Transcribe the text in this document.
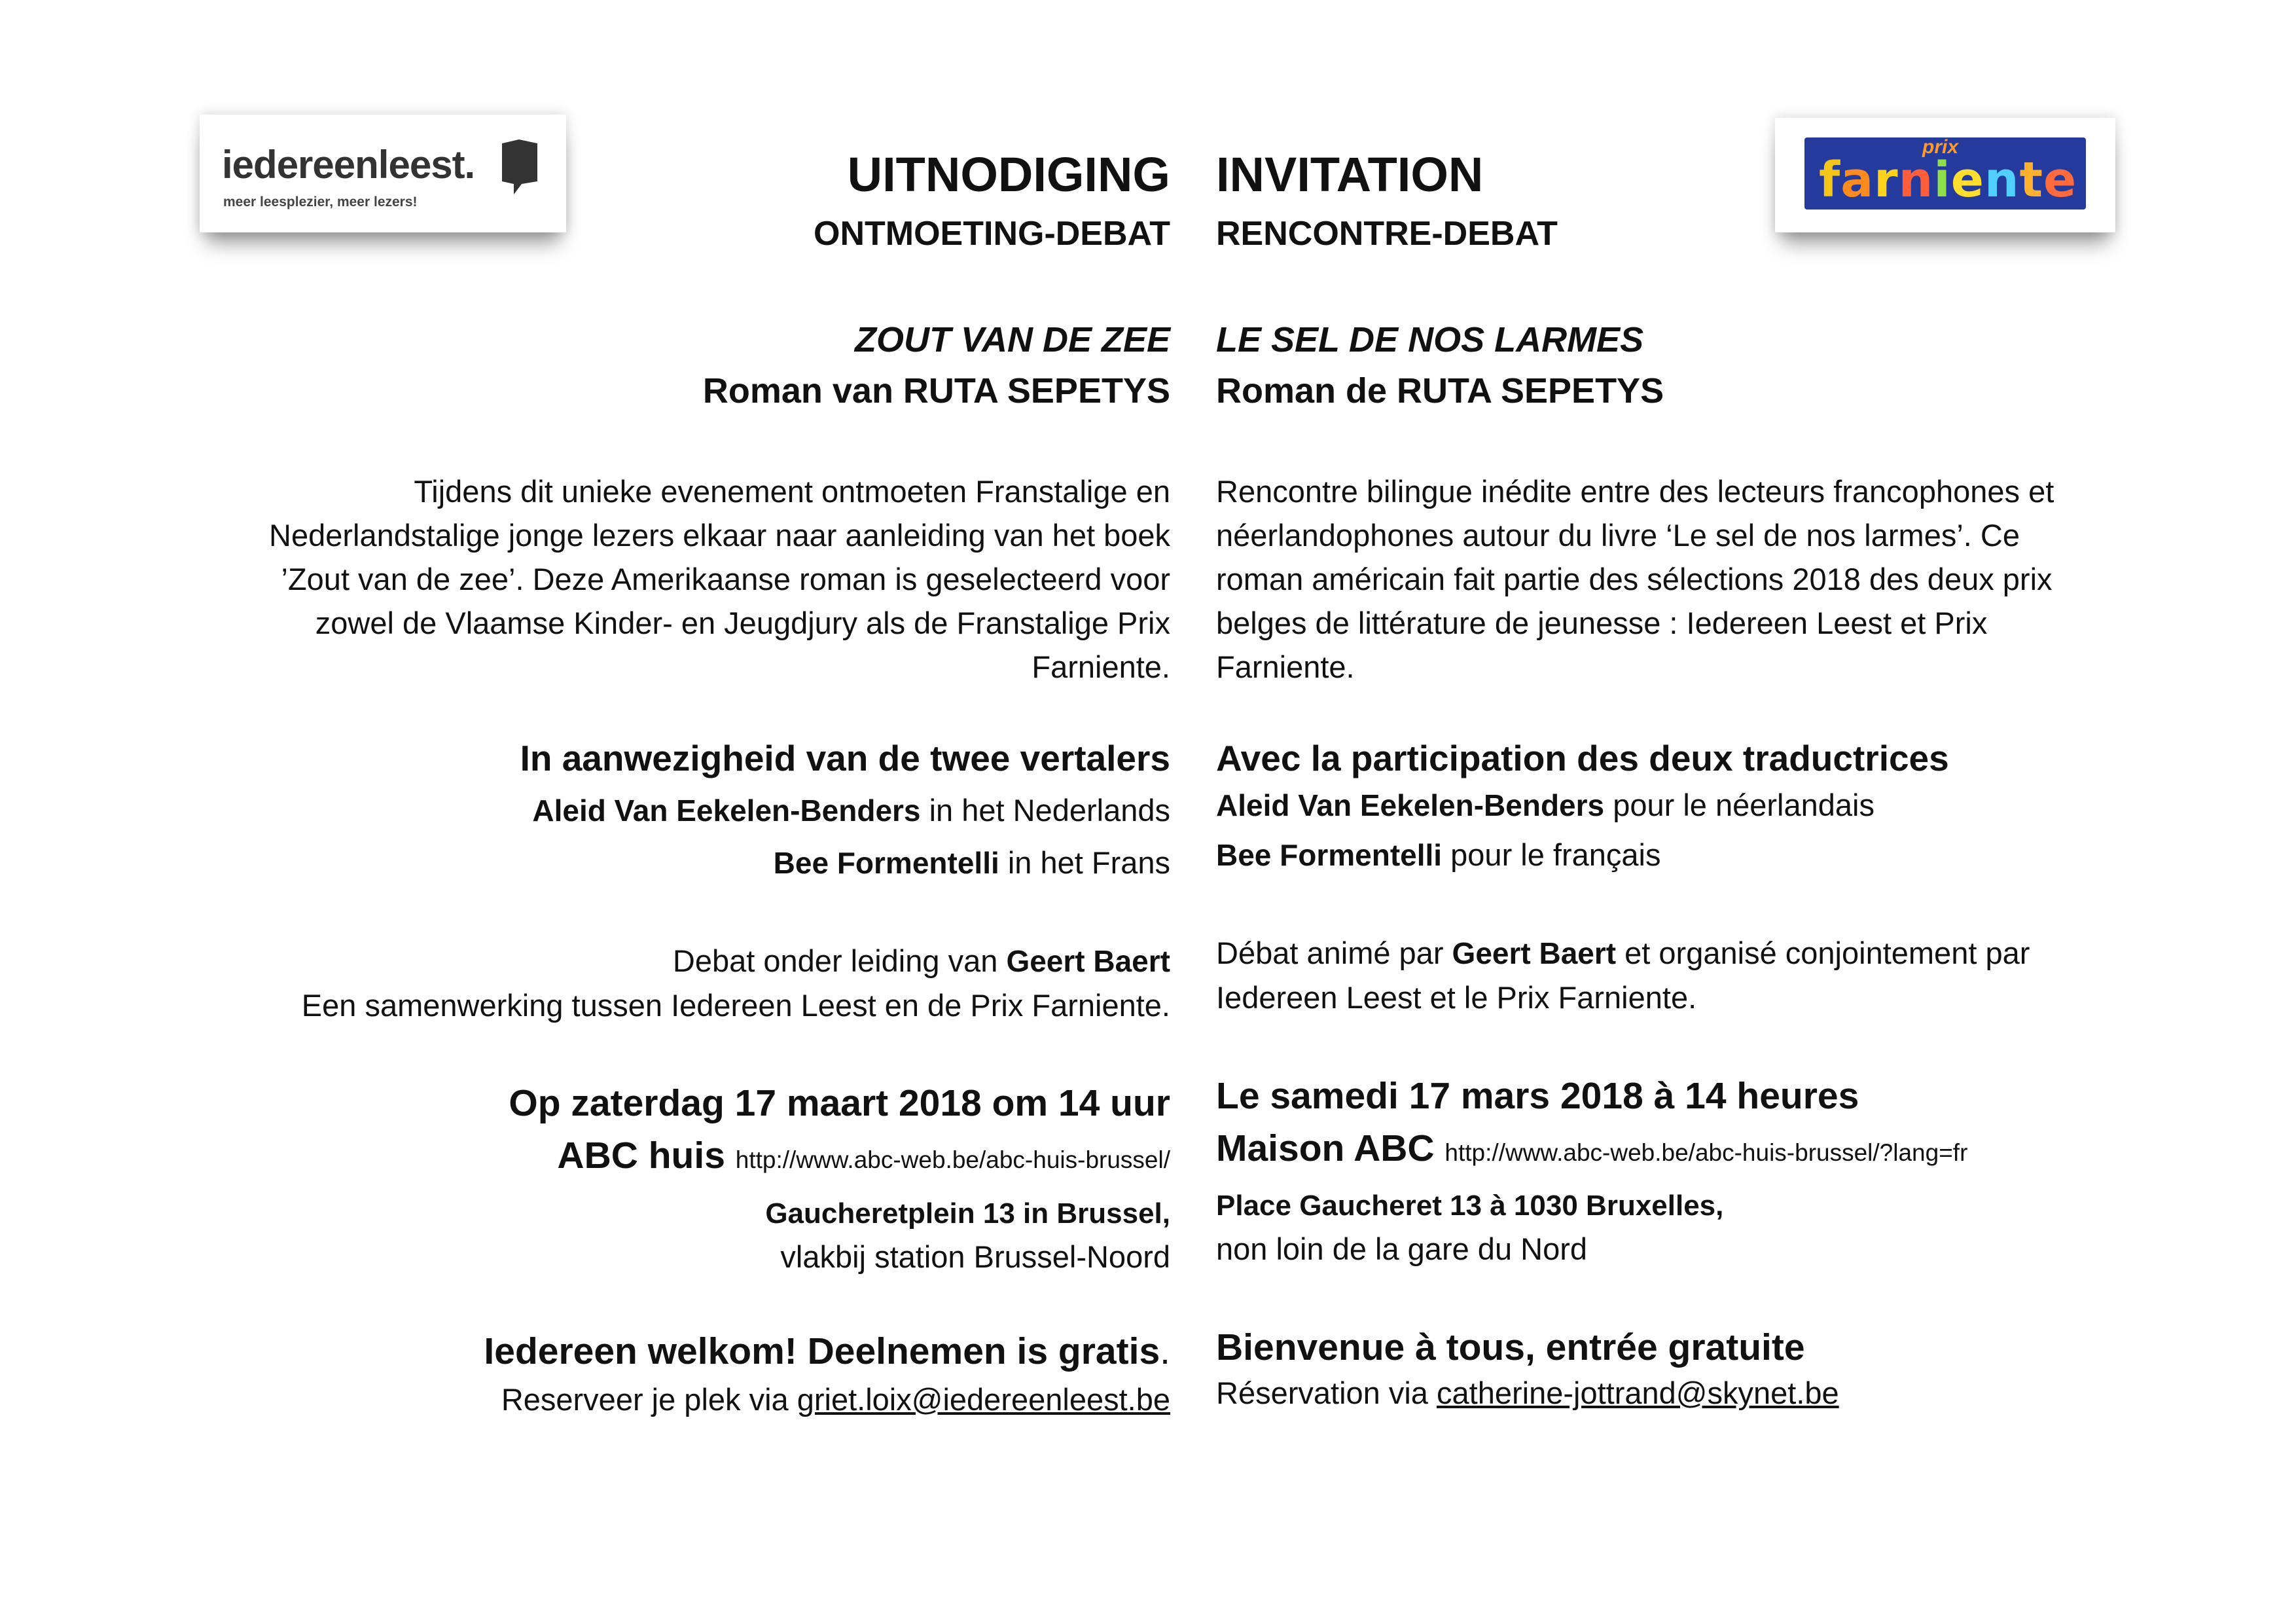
iedereenleest.
meer leesplezier, meer lezers!
prix
farniente
UITNODIGING
ONTMOETING-DEBAT
ZOUT VAN DE ZEE
Roman van RUTA SEPETYS
Tijdens dit unieke evenement ontmoeten Franstalige en
Nederlandstalige jonge lezers elkaar naar aanleiding van het boek
’Zout van de zee’. Deze Amerikaanse roman is geselecteerd voor
zowel de Vlaamse Kinder- en Jeugdjury als de Franstalige Prix
Farniente.
In aanwezigheid van de twee vertalers
Aleid Van Eekelen-Benders in het Nederlands
Bee Formentelli in het Frans
Debat onder leiding van Geert Baert
Een samenwerking tussen Iedereen Leest en de Prix Farniente.
Op zaterdag 17 maart 2018 om 14 uur
ABC huis http://www.abc-web.be/abc-huis-brussel/
Gaucheretplein 13 in Brussel,
vlakbij station Brussel-Noord
Iedereen welkom! Deelnemen is gratis.
Reserveer je plek via griet.loix@iedereenleest.be
INVITATION
RENCONTRE-DEBAT
LE SEL DE NOS LARMES
Roman de RUTA SEPETYS
Rencontre bilingue inédite entre des lecteurs francophones et
néerlandophones autour du livre ‘Le sel de nos larmes’. Ce
roman américain fait partie des sélections 2018 des deux prix
belges de littérature de jeunesse : Iedereen Leest et Prix
Farniente.
Avec la participation des deux traductrices
Aleid Van Eekelen-Benders pour le néerlandais
Bee Formentelli pour le français
Débat animé par Geert Baert et organisé conjointement par
Iedereen Leest et le Prix Farniente.
Le samedi 17 mars 2018 à 14 heures
Maison ABC http://www.abc-web.be/abc-huis-brussel/?lang=fr
Place Gaucheret 13 à 1030 Bruxelles,
non loin de la gare du Nord
Bienvenue à tous, entrée gratuite
Réservation via catherine-jottrand@skynet.be
